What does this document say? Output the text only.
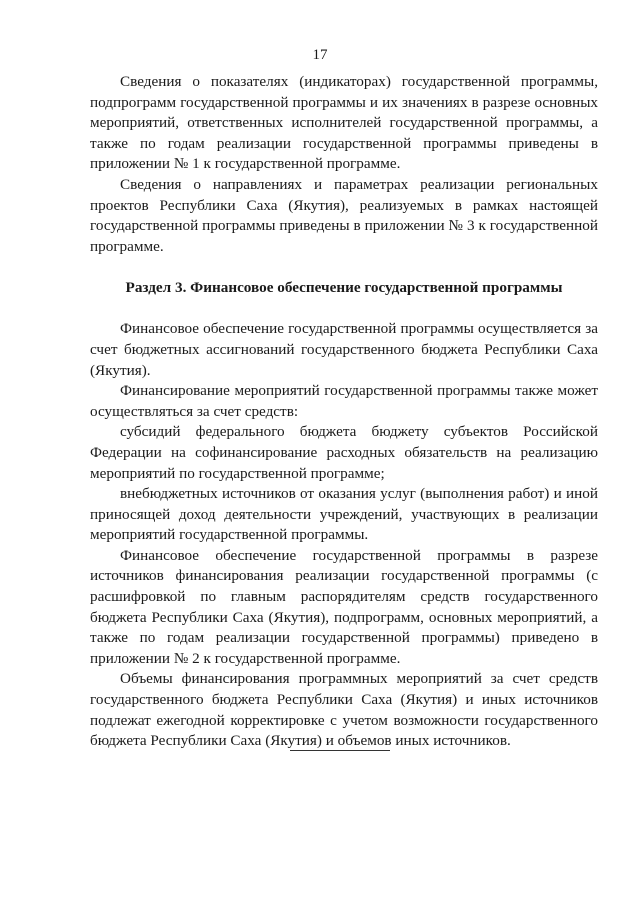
17

Сведения о показателях (индикаторах) государственной программы, подпрограмм государственной программы и их значениях в разрезе основных мероприятий, ответственных исполнителей государственной программы, а также по годам реализации государственной программы приведены в приложении № 1 к государственной программе.

Сведения о направлениях и параметрах реализации региональных проектов Республики Саха (Якутия), реализуемых в рамках настоящей государственной программы приведены в приложении № 3 к государственной программе.

Раздел 3. Финансовое обеспечение государственной программы

Финансовое обеспечение государственной программы осуществляется за счет бюджетных ассигнований государственного бюджета Республики Саха (Якутия).

Финансирование мероприятий государственной программы также может осуществляться за счет средств:

субсидий федерального бюджета бюджету субъектов Российской Федерации на софинансирование расходных обязательств на реализацию мероприятий по государственной программе;

внебюджетных источников от оказания услуг (выполнения работ) и иной приносящей доход деятельности учреждений, участвующих в реализации мероприятий государственной программы.

Финансовое обеспечение государственной программы в разрезе источников финансирования реализации государственной программы (с расшифровкой по главным распорядителям средств государственного бюджета Республики Саха (Якутия), подпрограмм, основных мероприятий, а также по годам реализации государственной программы) приведено в приложении № 2 к государственной программе.

Объемы финансирования программных мероприятий за счет средств государственного бюджета Республики Саха (Якутия) и иных источников подлежат ежегодной корректировке с учетом возможности государственного бюджета Республики Саха (Якутия) и объемов иных источников.
